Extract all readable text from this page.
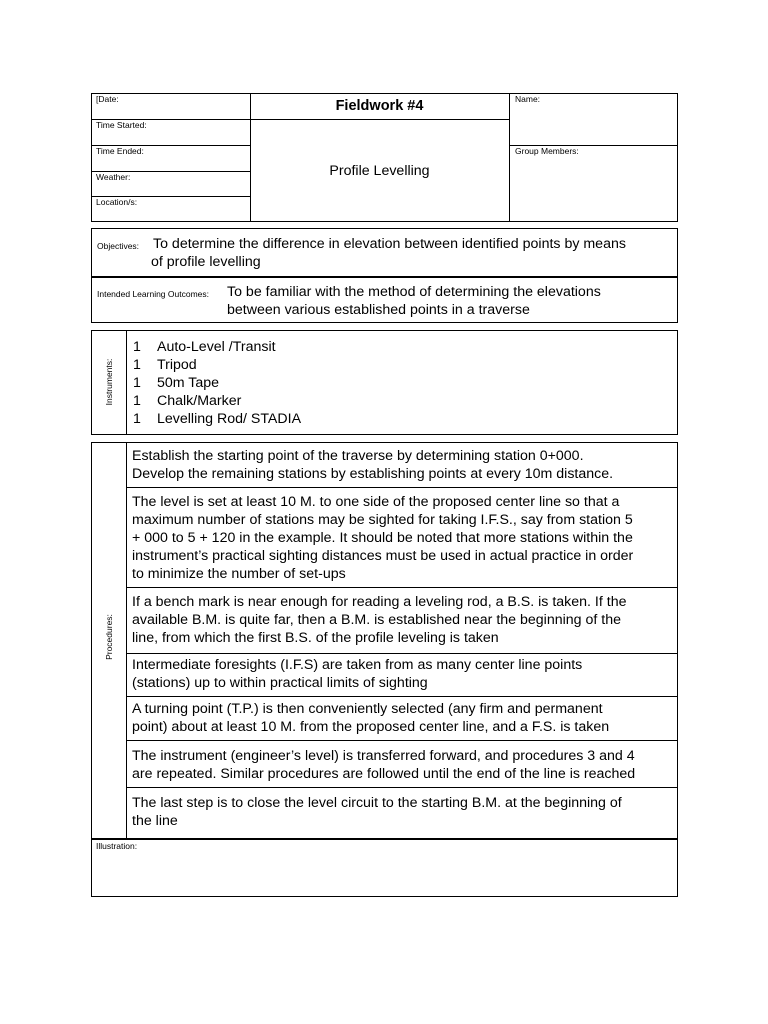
[Date:
Time Started:
Time Ended:
Weather:
Location/s:
Fieldwork #4
Profile Levelling
Name:
Group Members:
Objectives: To determine the difference in elevation between identified points by means
of profile levelling
Intended Learning Outcomes: To be familiar with the method of determining the elevations
between various established points in a traverse
Instruments:
1 Auto-Level /Transit
1 Tripod
1 50m Tape
1 Chalk/Marker
1 Levelling Rod/ STADIA
Procedures:
Establish the starting point of the traverse by determining station 0+000.
Develop the remaining stations by establishing points at every 10m distance.
The level is set at least 10 M. to one side of the proposed center line so that a
maximum number of stations may be sighted for taking I.F.S., say from station 5
+ 000 to 5 + 120 in the example. It should be noted that more stations within the
instrument’s practical sighting distances must be used in actual practice in order
to minimize the number of set-ups
If a bench mark is near enough for reading a leveling rod, a B.S. is taken. If the
available B.M. is quite far, then a B.M. is established near the beginning of the
line, from which the first B.S. of the profile leveling is taken
Intermediate foresights (I.F.S) are taken from as many center line points
(stations) up to within practical limits of sighting
A turning point (T.P.) is then conveniently selected (any firm and permanent
point) about at least 10 M. from the proposed center line, and a F.S. is taken
The instrument (engineer’s level) is transferred forward, and procedures 3 and 4
are repeated. Similar procedures are followed until the end of the line is reached
The last step is to close the level circuit to the starting B.M. at the beginning of
the line
Illustration:
